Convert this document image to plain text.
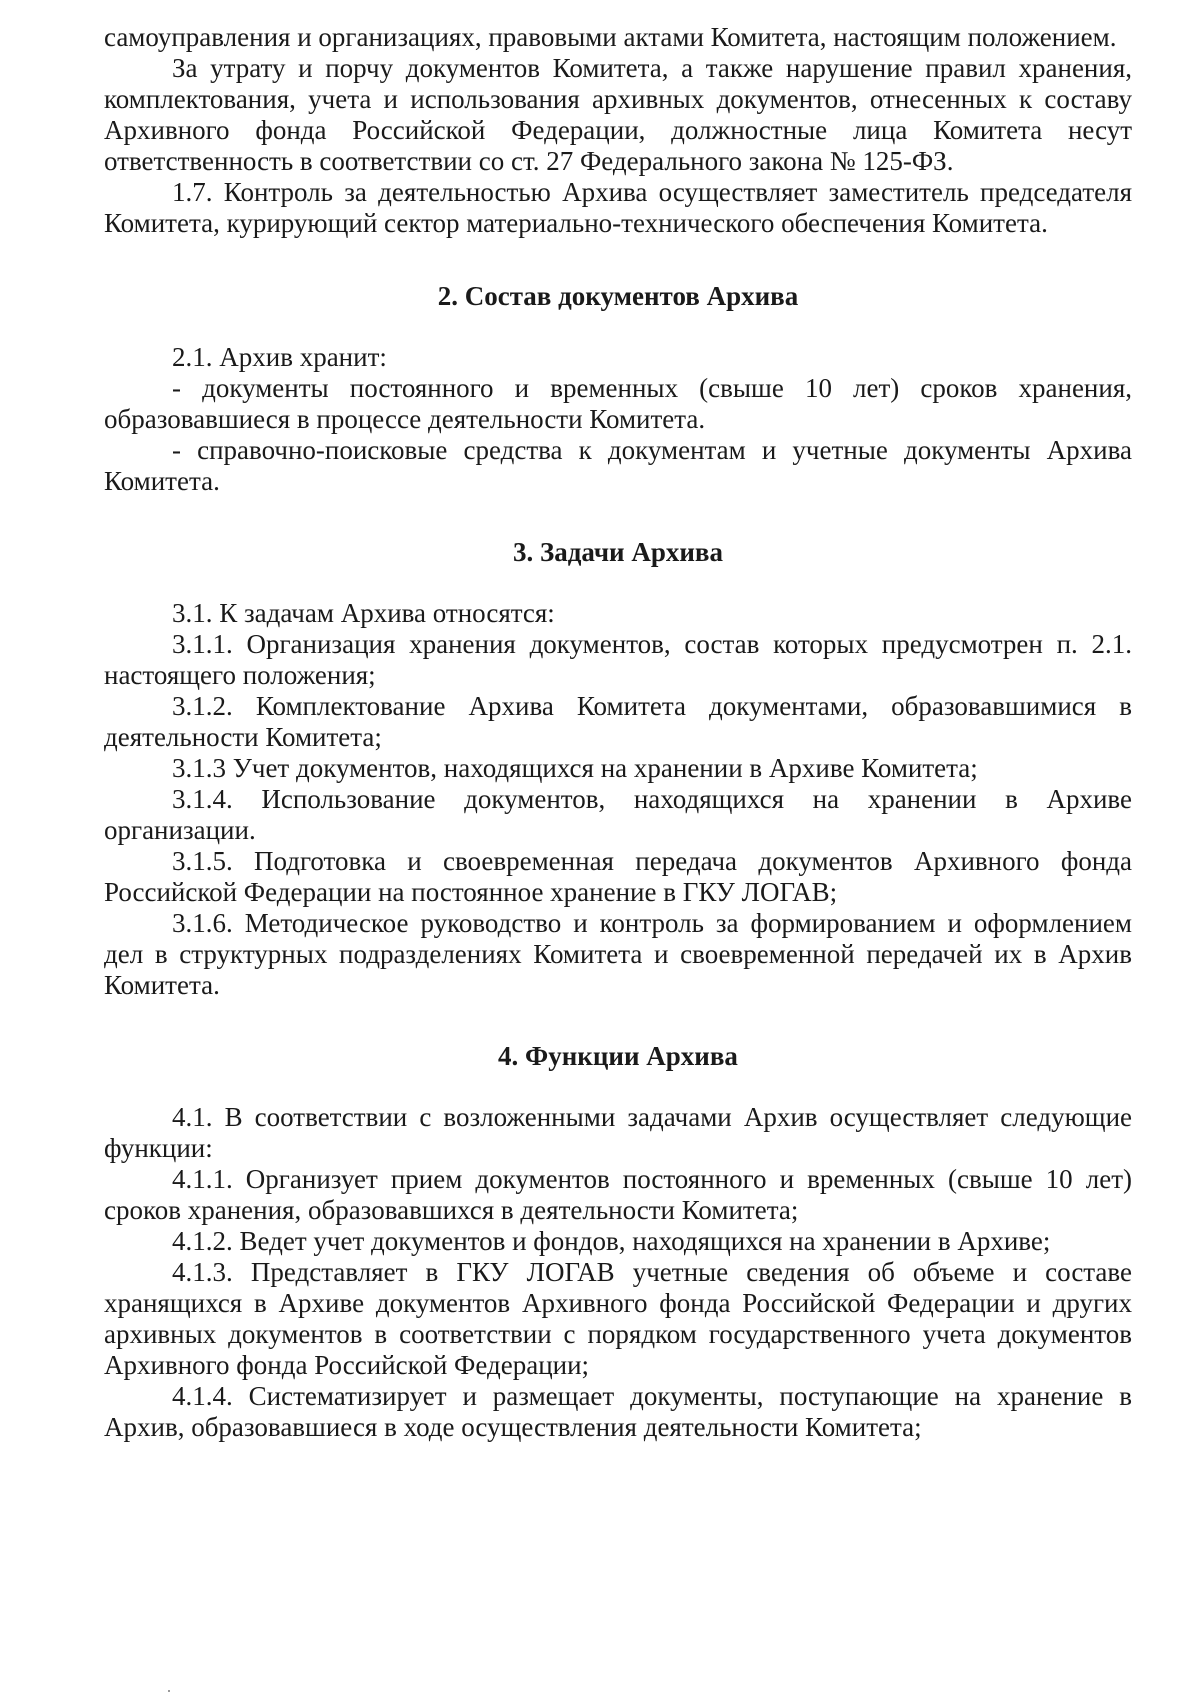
самоуправления и организациях, правовыми актами Комитета, настоящим положением.

За утрату и порчу документов Комитета, а также нарушение правил хранения, комплектования, учета и использования архивных документов, отнесенных к составу Архивного фонда Российской Федерации, должностные лица Комитета несут ответственность в соответствии со ст. 27 Федерального закона № 125-ФЗ.

1.7. Контроль за деятельностью Архива осуществляет заместитель председателя Комитета, курирующий сектор материально-технического обеспечения Комитета.

2. Состав документов Архива

2.1. Архив хранит:

- документы постоянного и временных (свыше 10 лет) сроков хранения, образовавшиеся в процессе деятельности Комитета.

- справочно-поисковые средства к документам и учетные документы Архива Комитета.

3. Задачи Архива

3.1. К задачам Архива относятся:

3.1.1. Организация хранения документов, состав которых предусмотрен п. 2.1. настоящего положения;

3.1.2. Комплектование Архива Комитета документами, образовавшимися в деятельности Комитета;

3.1.3 Учет документов, находящихся на хранении в Архиве Комитета;

3.1.4. Использование документов, находящихся на хранении в Архиве организации.

3.1.5. Подготовка и своевременная передача документов Архивного фонда Российской Федерации на постоянное хранение в ГКУ ЛОГАВ;

3.1.6. Методическое руководство и контроль за формированием и оформлением дел в структурных подразделениях Комитета и своевременной передачей их в Архив Комитета.

4. Функции Архива

4.1. В соответствии с возложенными задачами Архив осуществляет следующие функции:

4.1.1. Организует прием документов постоянного и временных (свыше 10 лет) сроков хранения, образовавшихся в деятельности Комитета;

4.1.2. Ведет учет документов и фондов, находящихся на хранении в Архиве;

4.1.3. Представляет в ГКУ ЛОГАВ учетные сведения об объеме и составе хранящихся в Архиве документов Архивного фонда Российской Федерации и других архивных документов в соответствии с порядком государственного учета документов Архивного фонда Российской Федерации;

4.1.4. Систематизирует и размещает документы, поступающие на хранение в Архив, образовавшиеся в ходе осуществления деятельности Комитета;
